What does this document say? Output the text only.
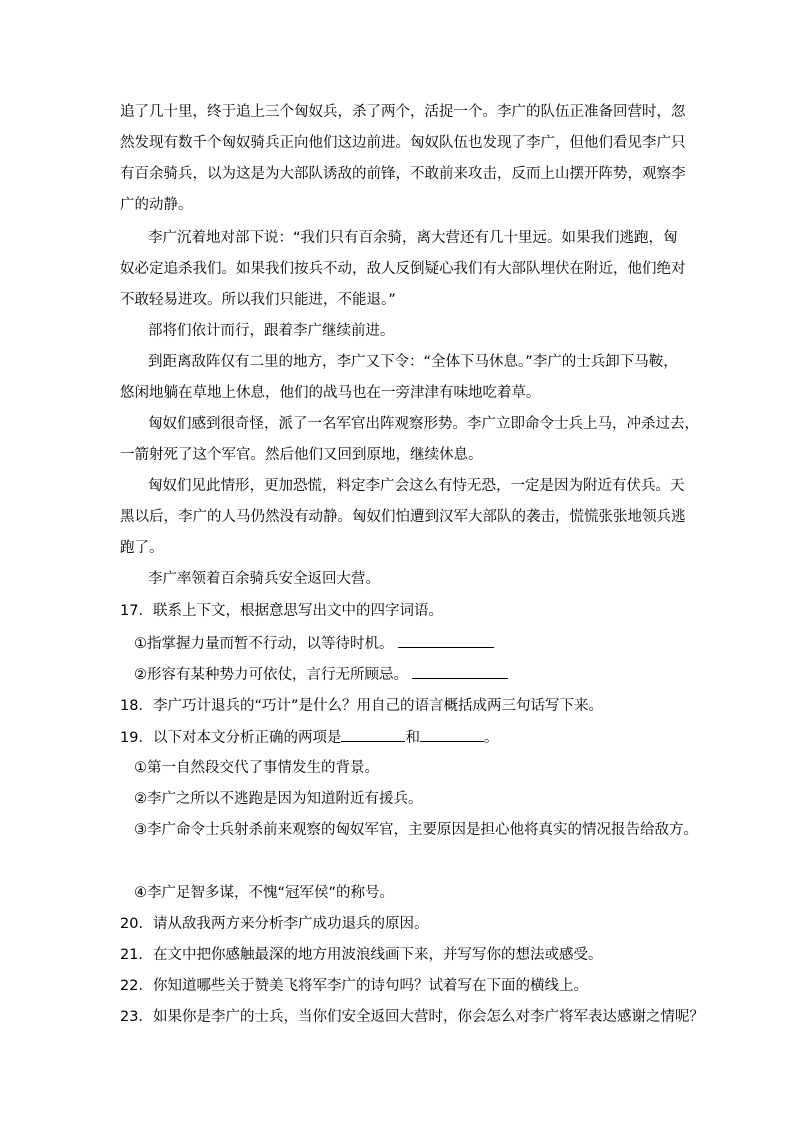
追了几十里，终于追上三个匈奴兵，杀了两个，活捉一个。李广的队伍正准备回营时，忽
然发现有数千个匈奴骑兵正向他们这边前进。匈奴队伍也发现了李广，但他们看见李广只
有百余骑兵，以为这是为大部队诱敌的前锋，不敢前来攻击，反而上山摆开阵势，观察李
广的动静。
李广沉着地对部下说：“我们只有百余骑，离大营还有几十里远。如果我们逃跑，匈
奴必定追杀我们。如果我们按兵不动，敌人反倒疑心我们有大部队埋伏在附近，他们绝对
不敢轻易进攻。所以我们只能进，不能退。”
部将们依计而行，跟着李广继续前进。
到距离敌阵仅有二里的地方，李广又下令：“全体下马休息。”李广的士兵卸下马鞍，
悠闲地躺在草地上休息，他们的战马也在一旁津津有味地吃着草。
匈奴们感到很奇怪，派了一名军官出阵观察形势。李广立即命令士兵上马，冲杀过去，
一箭射死了这个军官。然后他们又回到原地，继续休息。
匈奴们见此情形，更加恐慌，料定李广会这么有恃无恐，一定是因为附近有伏兵。天
黑以后，李广的人马仍然没有动静。匈奴们怕遭到汉军大部队的袭击，慌慌张张地领兵逃
跑了。
李广率领着百余骑兵安全返回大营。
17．联系上下文，根据意思写出文中的四字词语。
①指掌握力量而暂不行动，以等待时机。
②形容有某种势力可依仗，言行无所顾忌。
18．李广巧计退兵的“巧计”是什么？用自己的语言概括成两三句话写下来。
19．以下对本文分析正确的两项是	和	。
①第一自然段交代了事情发生的背景。
②李广之所以不逃跑是因为知道附近有援兵。
③李广命令士兵射杀前来观察的匈奴军官，主要原因是担心他将真实的情况报告给敌方。
④李广足智多谋，不愧“冠军侯”的称号。
20．请从敌我两方来分析李广成功退兵的原因。
21．在文中把你感触最深的地方用波浪线画下来，并写写你的想法或感受。
22．你知道哪些关于赞美飞将军李广的诗句吗？试着写在下面的横线上。
23．如果你是李广的士兵，当你们安全返回大营时，你会怎么对李广将军表达感谢之情呢？
